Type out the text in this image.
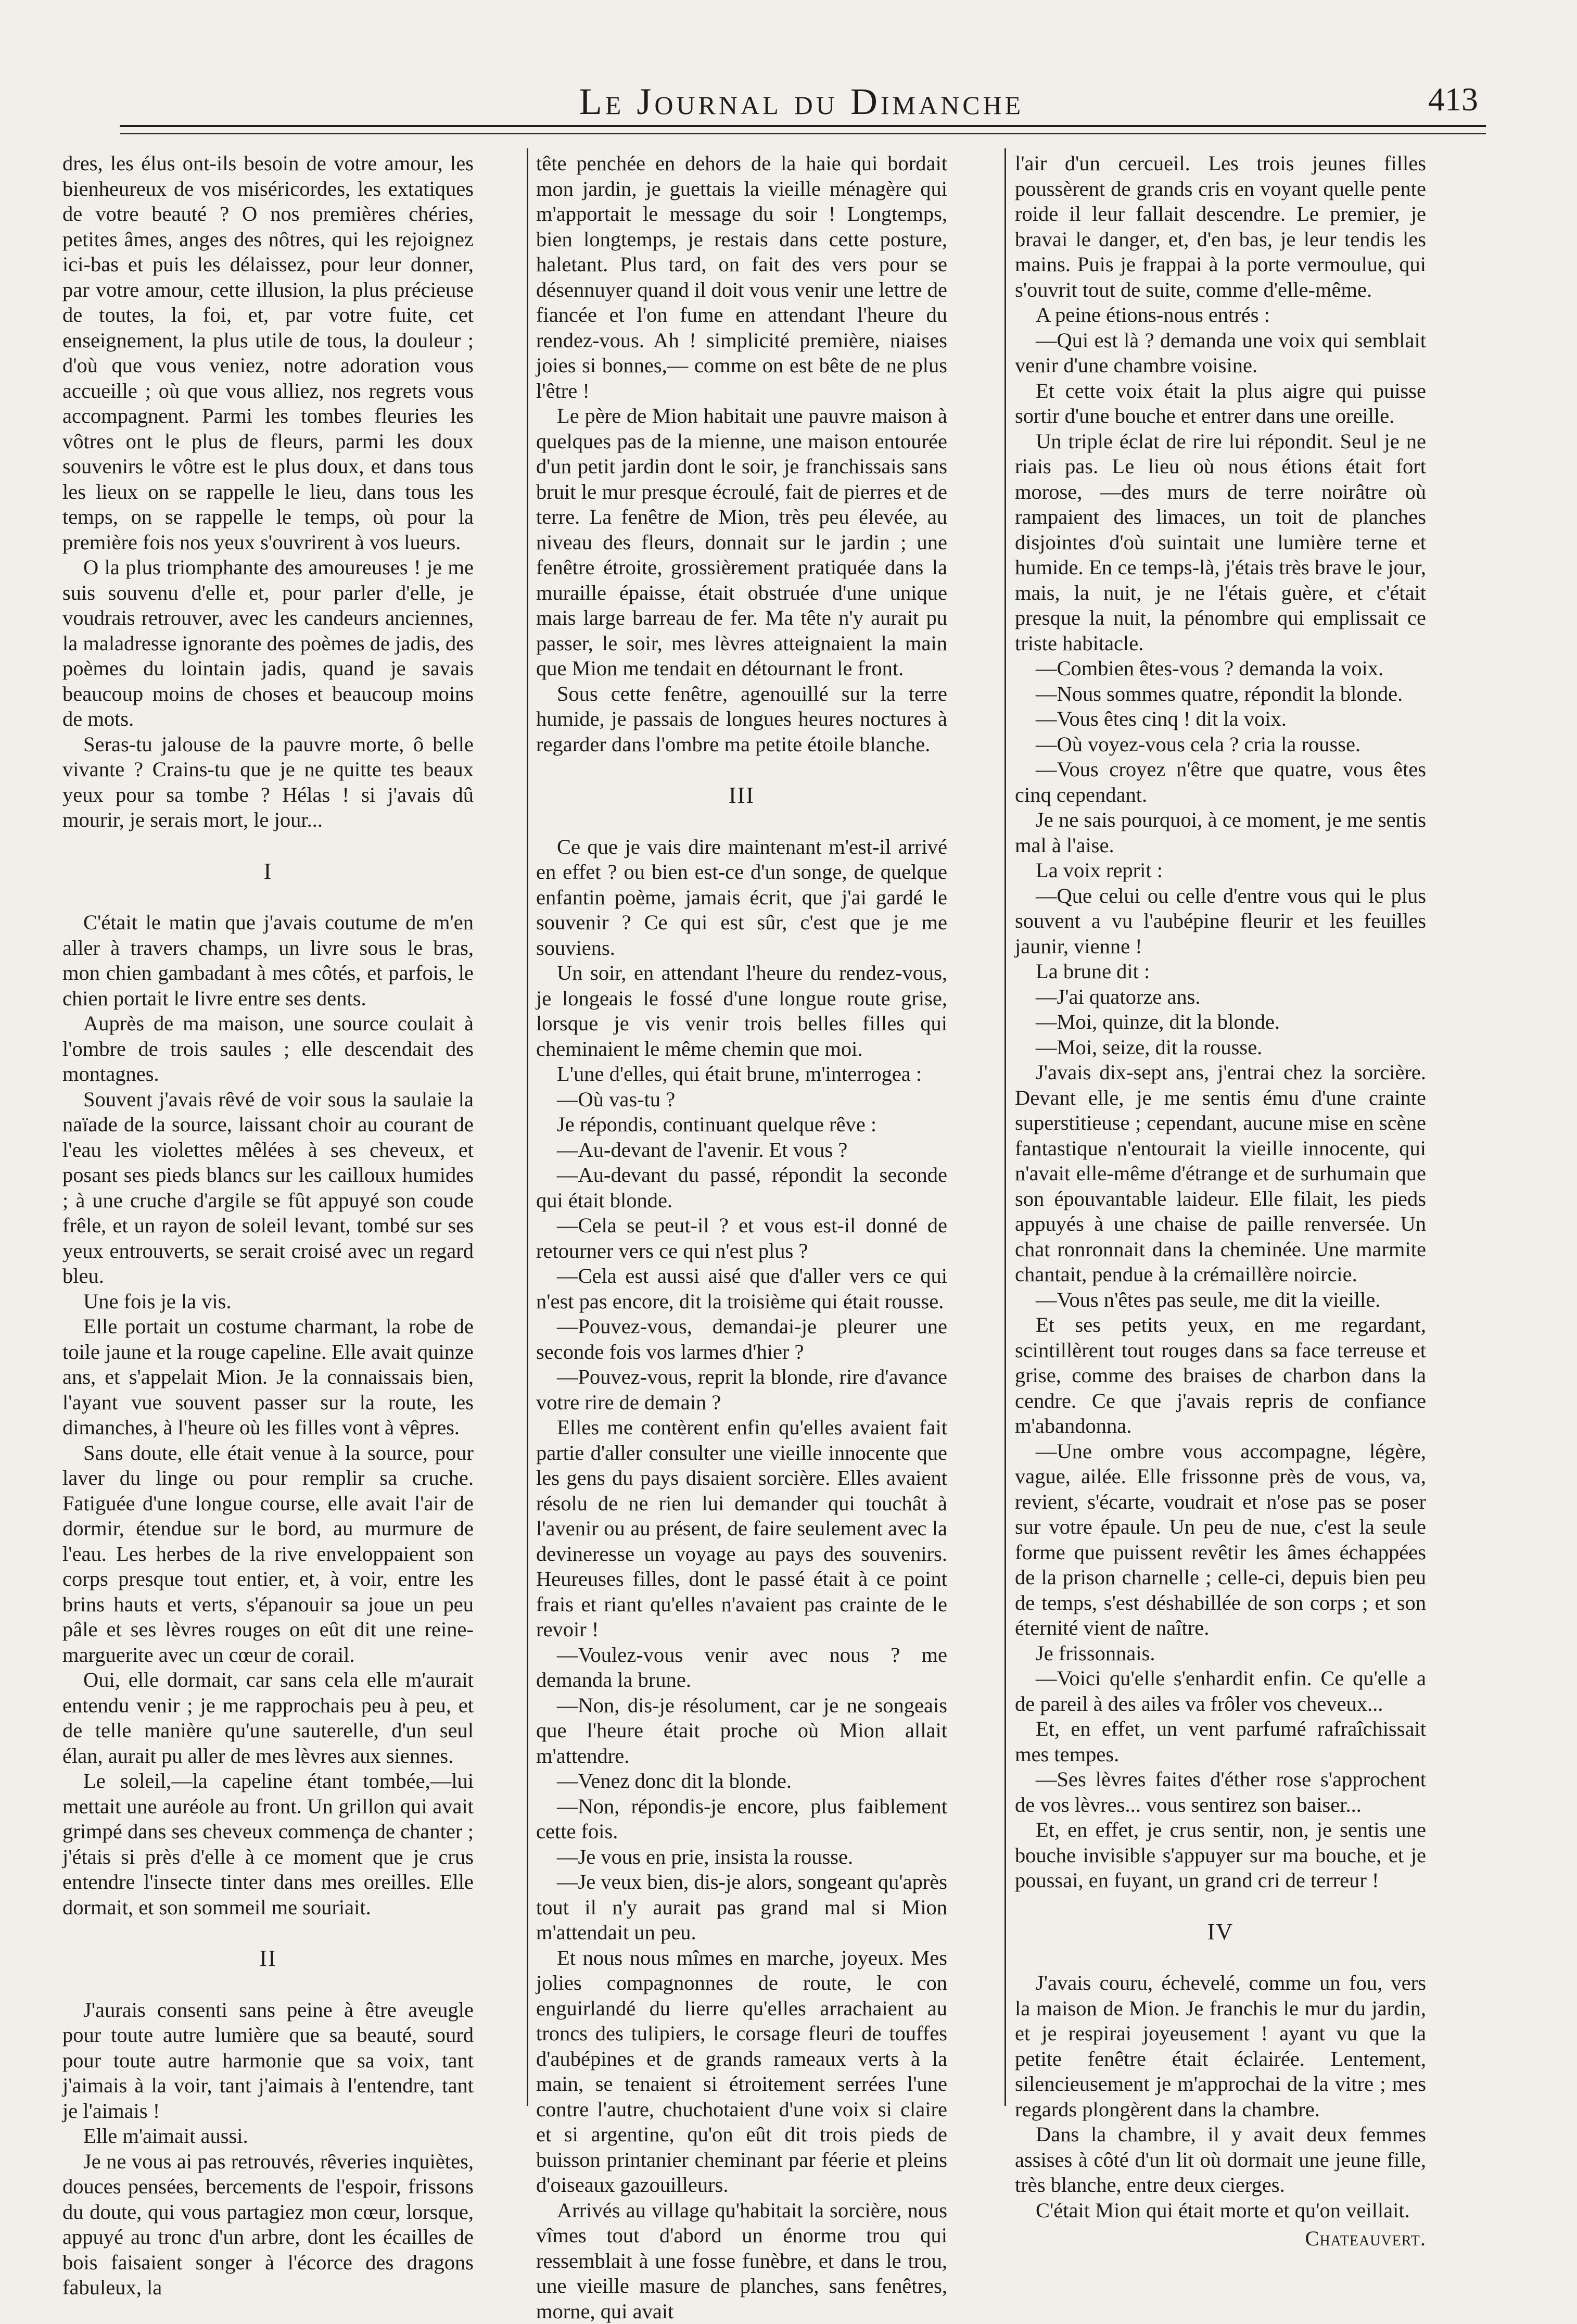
Le Journal du Dimanche	413

dres, les élus ont-ils besoin de votre amour, les bienheureux de vos miséricordes, les extatiques de votre beauté ? O nos premières chéries, petites âmes, anges des nôtres, qui les rejoignez ici-bas et puis les délaissez, pour leur donner, par votre amour, cette illusion, la plus précieuse de toutes, la foi, et, par votre fuite, cet enseignement, la plus utile de tous, la douleur ; d'où que vous veniez, notre adoration vous accueille ; où que vous alliez, nos regrets vous accompagnent. Parmi les tombes fleuries les vôtres ont le plus de fleurs, parmi les doux souvenirs le vôtre est le plus doux, et dans tous les lieux on se rappelle le lieu, dans tous les temps, on se rappelle le temps, où pour la première fois nos yeux s'ouvrirent à vos lueurs.

O la plus triomphante des amoureuses ! je me suis souvenu d'elle et, pour parler d'elle, je voudrais retrouver, avec les candeurs anciennes, la maladresse ignorante des poèmes de jadis, des poèmes du lointain jadis, quand je savais beaucoup moins de choses et beaucoup moins de mots.

Seras-tu jalouse de la pauvre morte, ô belle vivante ? Crains-tu que je ne quitte tes beaux yeux pour sa tombe ? Hélas ! si j'avais dû mourir, je serais mort, le jour...

I

C'était le matin que j'avais coutume de m'en aller à travers champs, un livre sous le bras, mon chien gambadant à mes côtés, et parfois, le chien portait le livre entre ses dents.

Auprès de ma maison, une source coulait à l'ombre de trois saules ; elle descendait des montagnes.

Souvent j'avais rêvé de voir sous la saulaie la naïade de la source, laissant choir au courant de l'eau les violettes mêlées à ses cheveux, et posant ses pieds blancs sur les cailloux humides ; à une cruche d'argile se fût appuyé son coude frêle, et un rayon de soleil levant, tombé sur ses yeux entrouverts, se serait croisé avec un regard bleu.

Une fois je la vis.

Elle portait un costume charmant, la robe de toile jaune et la rouge capeline. Elle avait quinze ans, et s'appelait Mion. Je la connaissais bien, l'ayant vue souvent passer sur la route, les dimanches, à l'heure où les filles vont à vêpres.

Sans doute, elle était venue à la source, pour laver du linge ou pour remplir sa cruche. Fatiguée d'une longue course, elle avait l'air de dormir, étendue sur le bord, au murmure de l'eau. Les herbes de la rive enveloppaient son corps presque tout entier, et, à voir, entre les brins hauts et verts, s'épanouir sa joue un peu pâle et ses lèvres rouges on eût dit une reine-marguerite avec un cœur de corail.

Oui, elle dormait, car sans cela elle m'aurait entendu venir ; je me rapprochais peu à peu, et de telle manière qu'une sauterelle, d'un seul élan, aurait pu aller de mes lèvres aux siennes.

Le soleil,—la capeline étant tombée,—lui mettait une auréole au front. Un grillon qui avait grimpé dans ses cheveux commença de chanter ; j'étais si près d'elle à ce moment que je crus entendre l'insecte tinter dans mes oreilles. Elle dormait, et son sommeil me souriait.

II

J'aurais consenti sans peine à être aveugle pour toute autre lumière que sa beauté, sourd pour toute autre harmonie que sa voix, tant j'aimais à la voir, tant j'aimais à l'entendre, tant je l'aimais !

Elle m'aimait aussi.

Je ne vous ai pas retrouvés, rêveries inquiètes, douces pensées, bercements de l'espoir, frissons du doute, qui vous partagiez mon cœur, lorsque, appuyé au tronc d'un arbre, dont les écailles de bois faisaient songer à l'écorce des dragons fabuleux, la

tête penchée en dehors de la haie qui bordait mon jardin, je guettais la vieille ménagère qui m'apportait le message du soir ! Longtemps, bien longtemps, je restais dans cette posture, haletant. Plus tard, on fait des vers pour se désennuyer quand il doit vous venir une lettre de fiancée et l'on fume en attendant l'heure du rendez-vous. Ah ! simplicité première, niaises joies si bonnes,— comme on est bête de ne plus l'être !

Le père de Mion habitait une pauvre maison à quelques pas de la mienne, une maison entourée d'un petit jardin dont le soir, je franchissais sans bruit le mur presque écroulé, fait de pierres et de terre. La fenêtre de Mion, très peu élevée, au niveau des fleurs, donnait sur le jardin ; une fenêtre étroite, grossièrement pratiquée dans la muraille épaisse, était obstruée d'une unique mais large barreau de fer. Ma tête n'y aurait pu passer, le soir, mes lèvres atteignaient la main que Mion me tendait en détournant le front.

Sous cette fenêtre, agenouillé sur la terre humide, je passais de longues heures noctures à regarder dans l'ombre ma petite étoile blanche.

III

Ce que je vais dire maintenant m'est-il arrivé en effet ? ou bien est-ce d'un songe, de quelque enfantin poème, jamais écrit, que j'ai gardé le souvenir ? Ce qui est sûr, c'est que je me souviens.

Un soir, en attendant l'heure du rendez-vous, je longeais le fossé d'une longue route grise, lorsque je vis venir trois belles filles qui cheminaient le même chemin que moi.

L'une d'elles, qui était brune, m'interrogea :

—Où vas-tu ?

Je répondis, continuant quelque rêve :

—Au-devant de l'avenir. Et vous ?

—Au-devant du passé, répondit la seconde qui était blonde.

—Cela se peut-il ? et vous est-il donné de retourner vers ce qui n'est plus ?

—Cela est aussi aisé que d'aller vers ce qui n'est pas encore, dit la troisième qui était rousse.

—Pouvez-vous, demandai-je pleurer une seconde fois vos larmes d'hier ?

—Pouvez-vous, reprit la blonde, rire d'avance votre rire de demain ?

Elles me contèrent enfin qu'elles avaient fait partie d'aller consulter une vieille innocente que les gens du pays disaient sorcière. Elles avaient résolu de ne rien lui demander qui touchât à l'avenir ou au présent, de faire seulement avec la devineresse un voyage au pays des souvenirs. Heureuses filles, dont le passé était à ce point frais et riant qu'elles n'avaient pas crainte de le revoir !

—Voulez-vous venir avec nous ? me demanda la brune.

—Non, dis-je résolument, car je ne songeais que l'heure était proche où Mion allait m'attendre.

—Venez donc dit la blonde.

—Non, répondis-je encore, plus faiblement cette fois.

—Je vous en prie, insista la rousse.

—Je veux bien, dis-je alors, songeant qu'après tout il n'y aurait pas grand mal si Mion m'attendait un peu.

Et nous nous mîmes en marche, joyeux. Mes jolies compagnonnes de route, le con enguirlandé du lierre qu'elles arrachaient au troncs des tulipiers, le corsage fleuri de touffes d'aubépines et de grands rameaux verts à la main, se tenaient si étroitement serrées l'une contre l'autre, chuchotaient d'une voix si claire et si argentine, qu'on eût dit trois pieds de buisson printanier cheminant par féerie et pleins d'oiseaux gazouilleurs.

Arrivés au village qu'habitait la sorcière, nous vîmes tout d'abord un énorme trou qui ressemblait à une fosse funèbre, et dans le trou, une vieille masure de planches, sans fenêtres, morne, qui avait

l'air d'un cercueil. Les trois jeunes filles poussèrent de grands cris en voyant quelle pente roide il leur fallait descendre. Le premier, je bravai le danger, et, d'en bas, je leur tendis les mains. Puis je frappai à la porte vermoulue, qui s'ouvrit tout de suite, comme d'elle-même.

A peine étions-nous entrés :

—Qui est là ? demanda une voix qui semblait venir d'une chambre voisine.

Et cette voix était la plus aigre qui puisse sortir d'une bouche et entrer dans une oreille.

Un triple éclat de rire lui répondit. Seul je ne riais pas. Le lieu où nous étions était fort morose, —des murs de terre noirâtre où rampaient des limaces, un toit de planches disjointes d'où suintait une lumière terne et humide. En ce temps-là, j'étais très brave le jour, mais, la nuit, je ne l'étais guère, et c'était presque la nuit, la pénombre qui emplissait ce triste habitacle.

—Combien êtes-vous ? demanda la voix.

—Nous sommes quatre, répondit la blonde.

—Vous êtes cinq ! dit la voix.

—Où voyez-vous cela ? cria la rousse.

—Vous croyez n'être que quatre, vous êtes cinq cependant.

Je ne sais pourquoi, à ce moment, je me sentis mal à l'aise.

La voix reprit :

—Que celui ou celle d'entre vous qui le plus souvent a vu l'aubépine fleurir et les feuilles jaunir, vienne !

La brune dit :

—J'ai quatorze ans.

—Moi, quinze, dit la blonde.

—Moi, seize, dit la rousse.

J'avais dix-sept ans, j'entrai chez la sorcière. Devant elle, je me sentis ému d'une crainte superstitieuse ; cependant, aucune mise en scène fantastique n'entourait la vieille innocente, qui n'avait elle-même d'étrange et de surhumain que son épouvantable laideur. Elle filait, les pieds appuyés à une chaise de paille renversée. Un chat ronronnait dans la cheminée. Une marmite chantait, pendue à la crémaillère noircie.

—Vous n'êtes pas seule, me dit la vieille.

Et ses petits yeux, en me regardant, scintillèrent tout rouges dans sa face terreuse et grise, comme des braises de charbon dans la cendre. Ce que j'avais repris de confiance m'abandonna.

—Une ombre vous accompagne, légère, vague, ailée. Elle frissonne près de vous, va, revient, s'écarte, voudrait et n'ose pas se poser sur votre épaule. Un peu de nue, c'est la seule forme que puissent revêtir les âmes échappées de la prison charnelle ; celle-ci, depuis bien peu de temps, s'est déshabillée de son corps ; et son éternité vient de naître.

Je frissonnais.

—Voici qu'elle s'enhardit enfin. Ce qu'elle a de pareil à des ailes va frôler vos cheveux...

Et, en effet, un vent parfumé rafraîchissait mes tempes.

—Ses lèvres faites d'éther rose s'approchent de vos lèvres... vous sentirez son baiser...

Et, en effet, je crus sentir, non, je sentis une bouche invisible s'appuyer sur ma bouche, et je poussai, en fuyant, un grand cri de terreur !

IV

J'avais couru, échevelé, comme un fou, vers la maison de Mion. Je franchis le mur du jardin, et je respirai joyeusement ! ayant vu que la petite fenêtre était éclairée. Lentement, silencieusement je m'approchai de la vitre ; mes regards plongèrent dans la chambre.

Dans la chambre, il y avait deux femmes assises à côté d'un lit où dormait une jeune fille, très blanche, entre deux cierges.

C'était Mion qui était morte et qu'on veillait.

Chateauvert.
